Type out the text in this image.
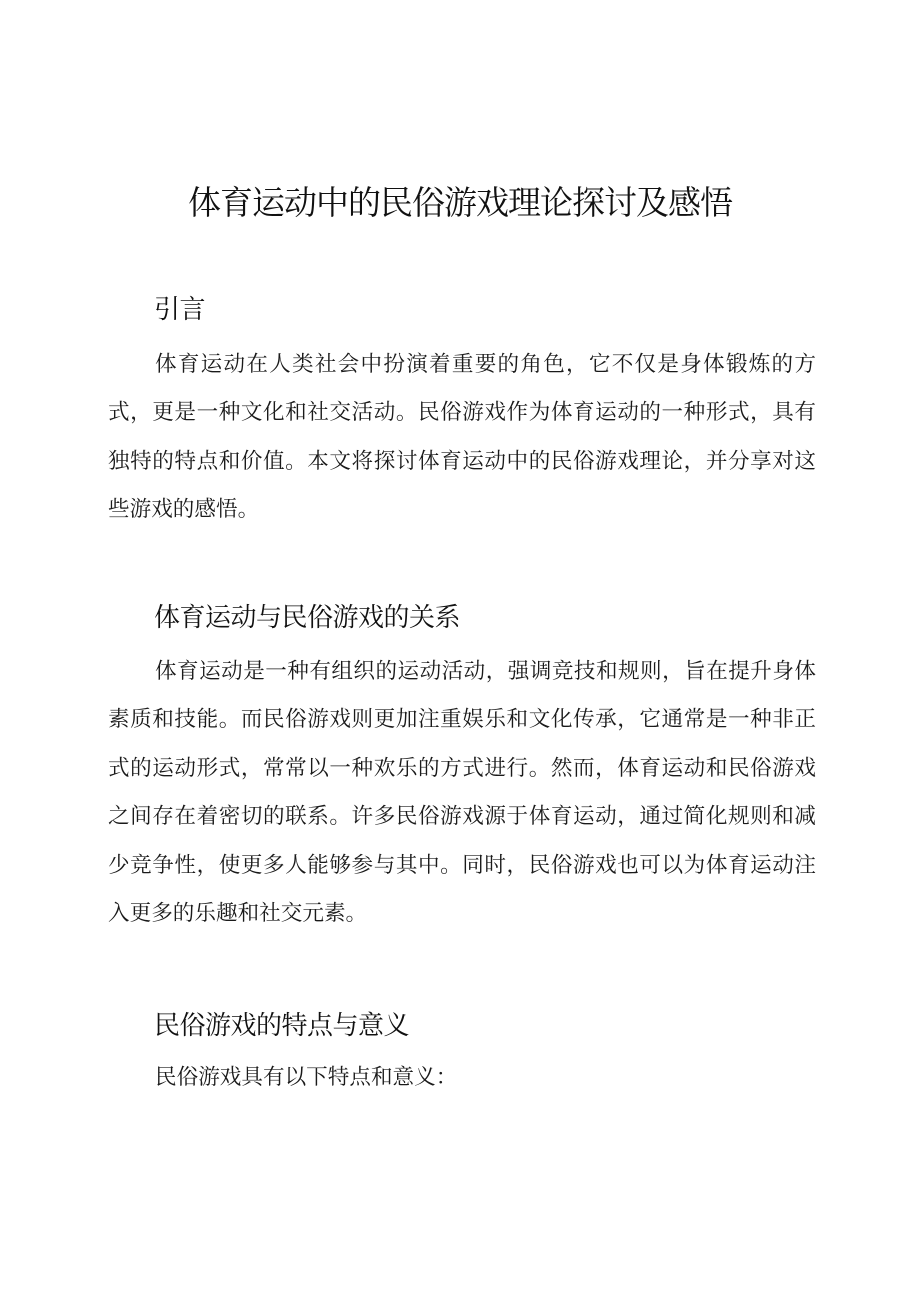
体育运动中的民俗游戏理论探讨及感悟
引言

体育运动在人类社会中扮演着重要的角色，它不仅是身体锻炼的方式，更是一种文化和社交活动。民俗游戏作为体育运动的一种形式，具有独特的特点和价值。本文将探讨体育运动中的民俗游戏理论，并分享对这些游戏的感悟。

体育运动与民俗游戏的关系

体育运动是一种有组织的运动活动，强调竞技和规则，旨在提升身体素质和技能。而民俗游戏则更加注重娱乐和文化传承，它通常是一种非正式的运动形式，常常以一种欢乐的方式进行。然而，体育运动和民俗游戏之间存在着密切的联系。许多民俗游戏源于体育运动，通过简化规则和减少竞争性，使更多人能够参与其中。同时，民俗游戏也可以为体育运动注入更多的乐趣和社交元素。

民俗游戏的特点与意义

民俗游戏具有以下特点和意义：
